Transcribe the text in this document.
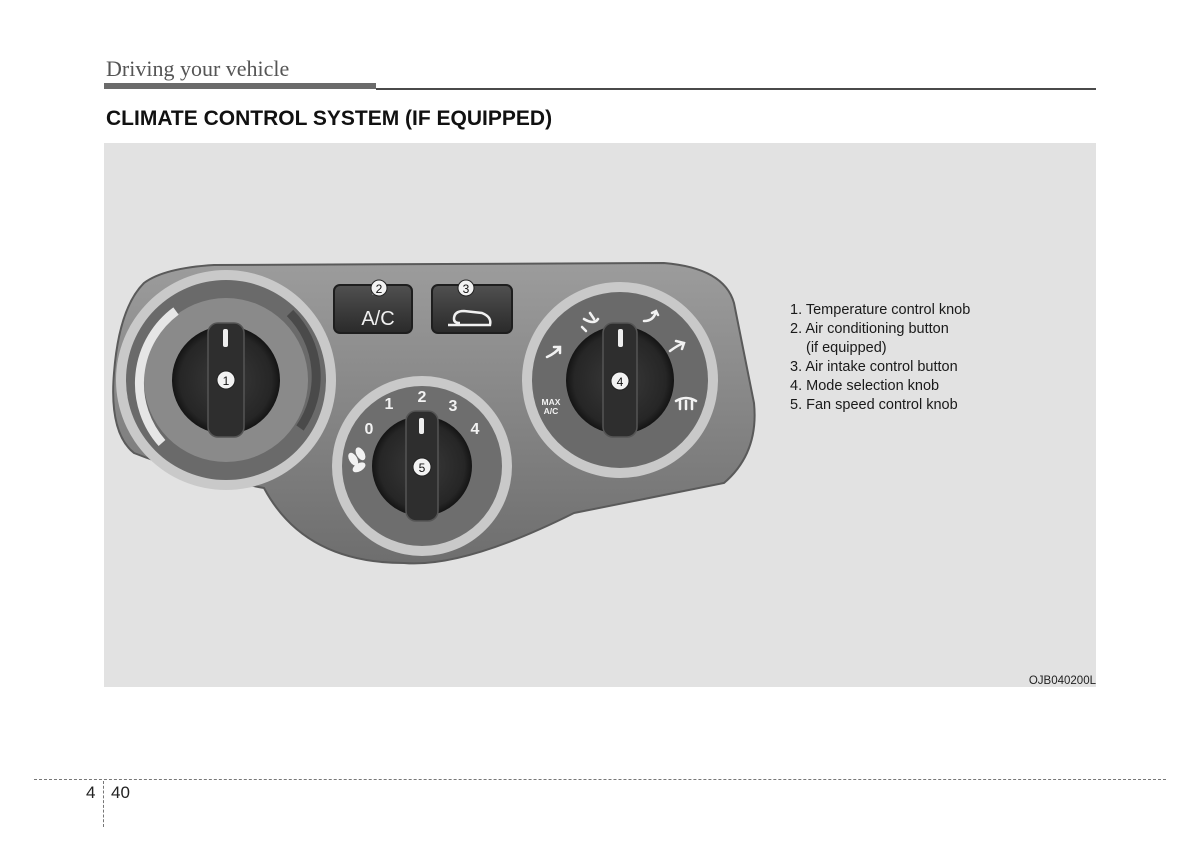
Driving your vehicle
CLIMATE CONTROL SYSTEM (IF EQUIPPED)
1
2
A/C
3
5
0
1 2
3
4
4
MAX
A/C
1. Temperature control knob
2. Air conditioning button
(if equipped)
3. Air intake control button
4. Mode selection knob
5. Fan speed control knob
OJB040200L
4 40
